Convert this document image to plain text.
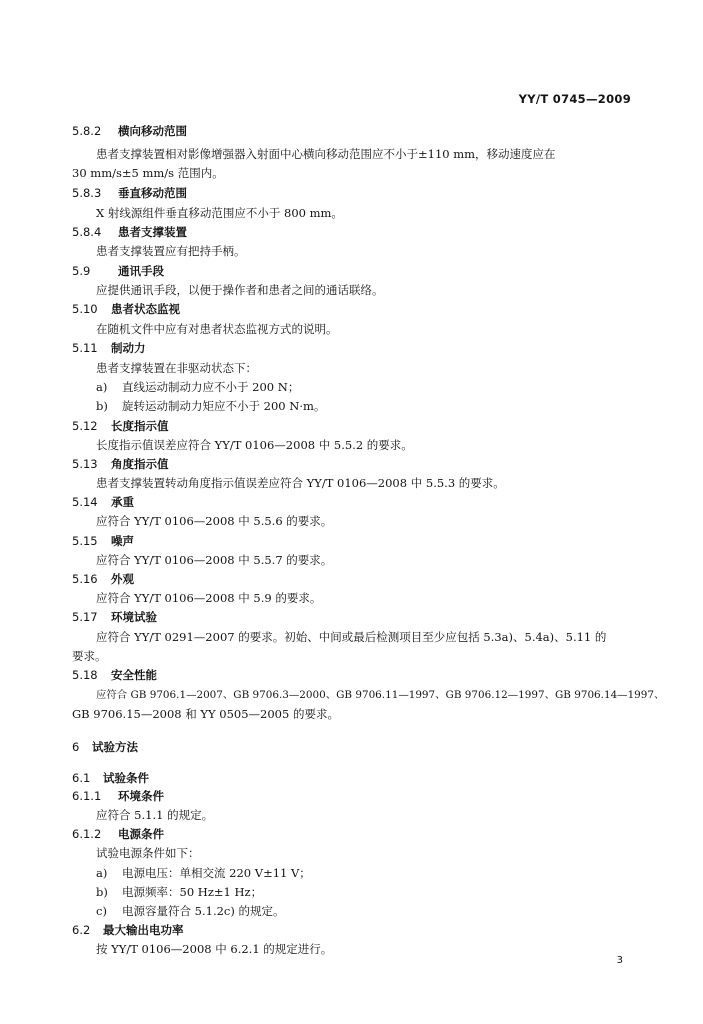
YY/T 0745—2009
5.8.2 横向移动范围
患者支撑装置相对影像增强器入射面中心横向移动范围应不小于±110 mm，移动速度应在
30 mm/s±5 mm/s 范围内。
5.8.3 垂直移动范围
X 射线源组件垂直移动范围应不小于 800 mm。
5.8.4 患者支撑装置
患者支撑装置应有把持手柄。
5.9 通讯手段
应提供通讯手段，以便于操作者和患者之间的通话联络。
5.10 患者状态监视
在随机文件中应有对患者状态监视方式的说明。
5.11 制动力
患者支撑装置在非驱动状态下：
a) 直线运动制动力应不小于 200 N；
b) 旋转运动制动力矩应不小于 200 N·m。
5.12 长度指示值
长度指示值误差应符合 YY/T 0106—2008 中 5.5.2 的要求。
5.13 角度指示值
患者支撑装置转动角度指示值误差应符合 YY/T 0106—2008 中 5.5.3 的要求。
5.14 承重
应符合 YY/T 0106—2008 中 5.5.6 的要求。
5.15 噪声
应符合 YY/T 0106—2008 中 5.5.7 的要求。
5.16 外观
应符合 YY/T 0106—2008 中 5.9 的要求。
5.17 环境试验
应符合 YY/T 0291—2007 的要求。初始、中间或最后检测项目至少应包括 5.3a)、5.4a)、5.11 的
要求。
5.18 安全性能
应符合 GB 9706.1—2007、GB 9706.3—2000、GB 9706.11—1997、GB 9706.12—1997、GB 9706.14—1997、
GB 9706.15—2008 和 YY 0505—2005 的要求。
6 试验方法
6.1 试验条件
6.1.1 环境条件
应符合 5.1.1 的规定。
6.1.2 电源条件
试验电源条件如下：
a) 电源电压：单相交流 220 V±11 V；
b) 电源频率：50 Hz±1 Hz；
c) 电源容量符合 5.1.2c) 的规定。
6.2 最大输出电功率
按 YY/T 0106—2008 中 6.2.1 的规定进行。
3
